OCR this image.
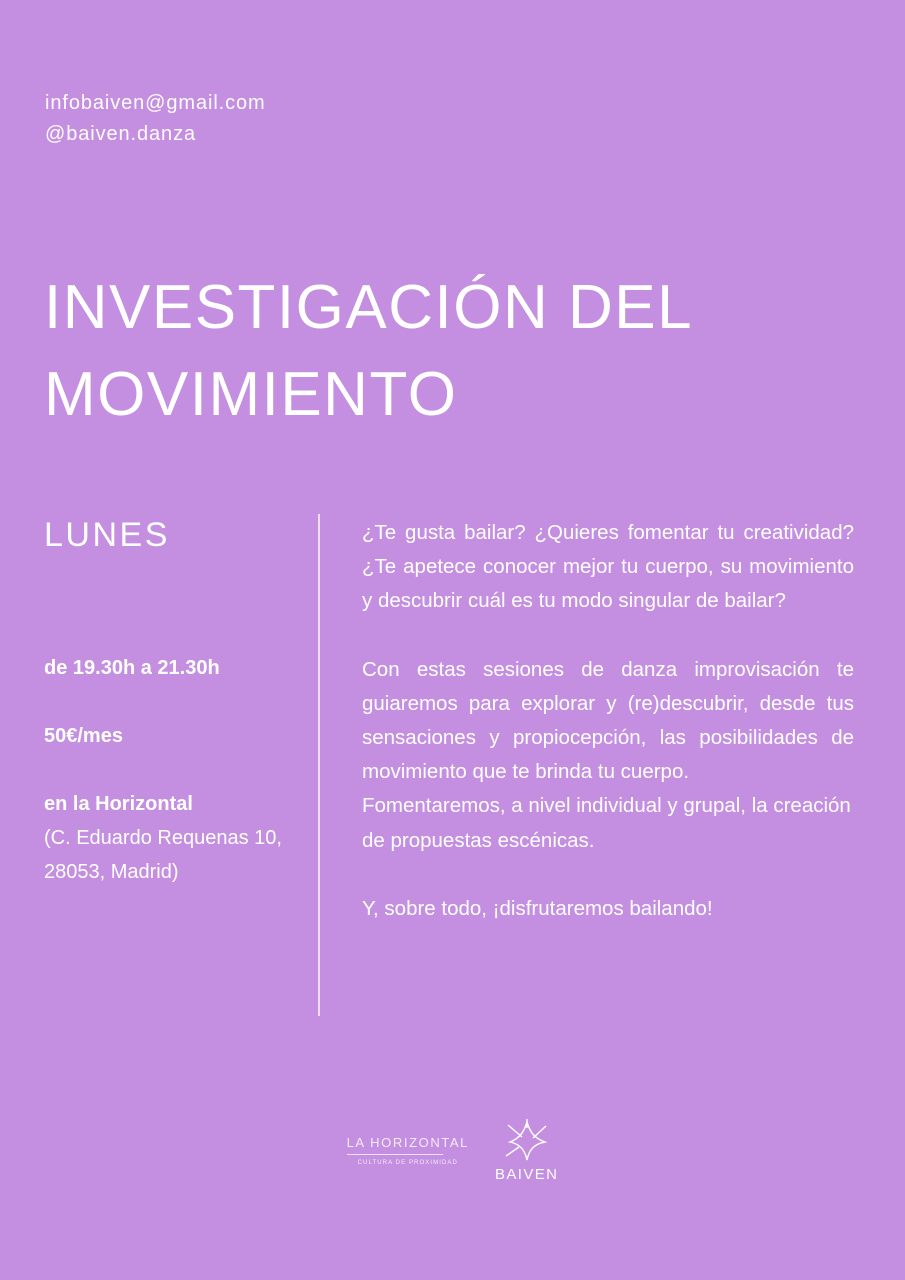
infobaiven@gmail.com
@baiven.danza
INVESTIGACIÓN DEL MOVIMIENTO
LUNES
de 19.30h a 21.30h
50€/mes
en la Horizontal
(C. Eduardo Requenas 10, 28053, Madrid)

¿Te gusta bailar? ¿Quieres fomentar tu creatividad? ¿Te apetece conocer mejor tu cuerpo, su movimiento y descubrir cuál es tu modo singular de bailar?

Con estas sesiones de danza improvisación te guiaremos para explorar y (re)descubrir, desde tus sensaciones y propiocepción, las posibilidades de movimiento que te brinda tu cuerpo.

Fomentaremos, a nivel individual y grupal, la creación de propuestas escénicas.

Y, sobre todo, ¡disfrutaremos bailando!

LA HORIZONTAL
CULTURA DE PROXIMIDAD
BAIVEN
